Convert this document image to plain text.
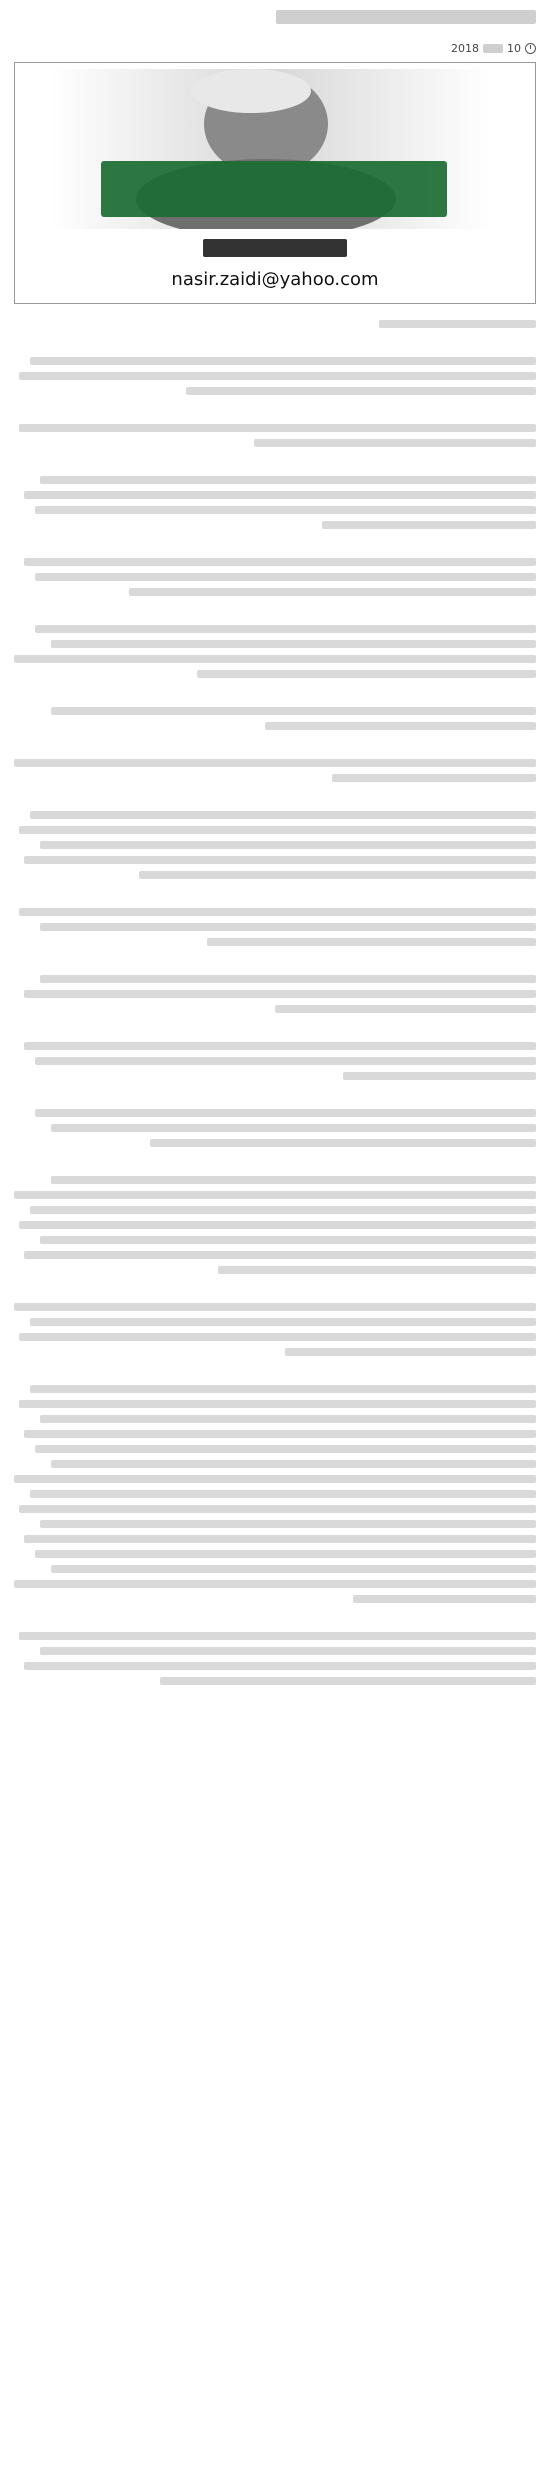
2018	10
nasir.zaidi@yahoo.com
